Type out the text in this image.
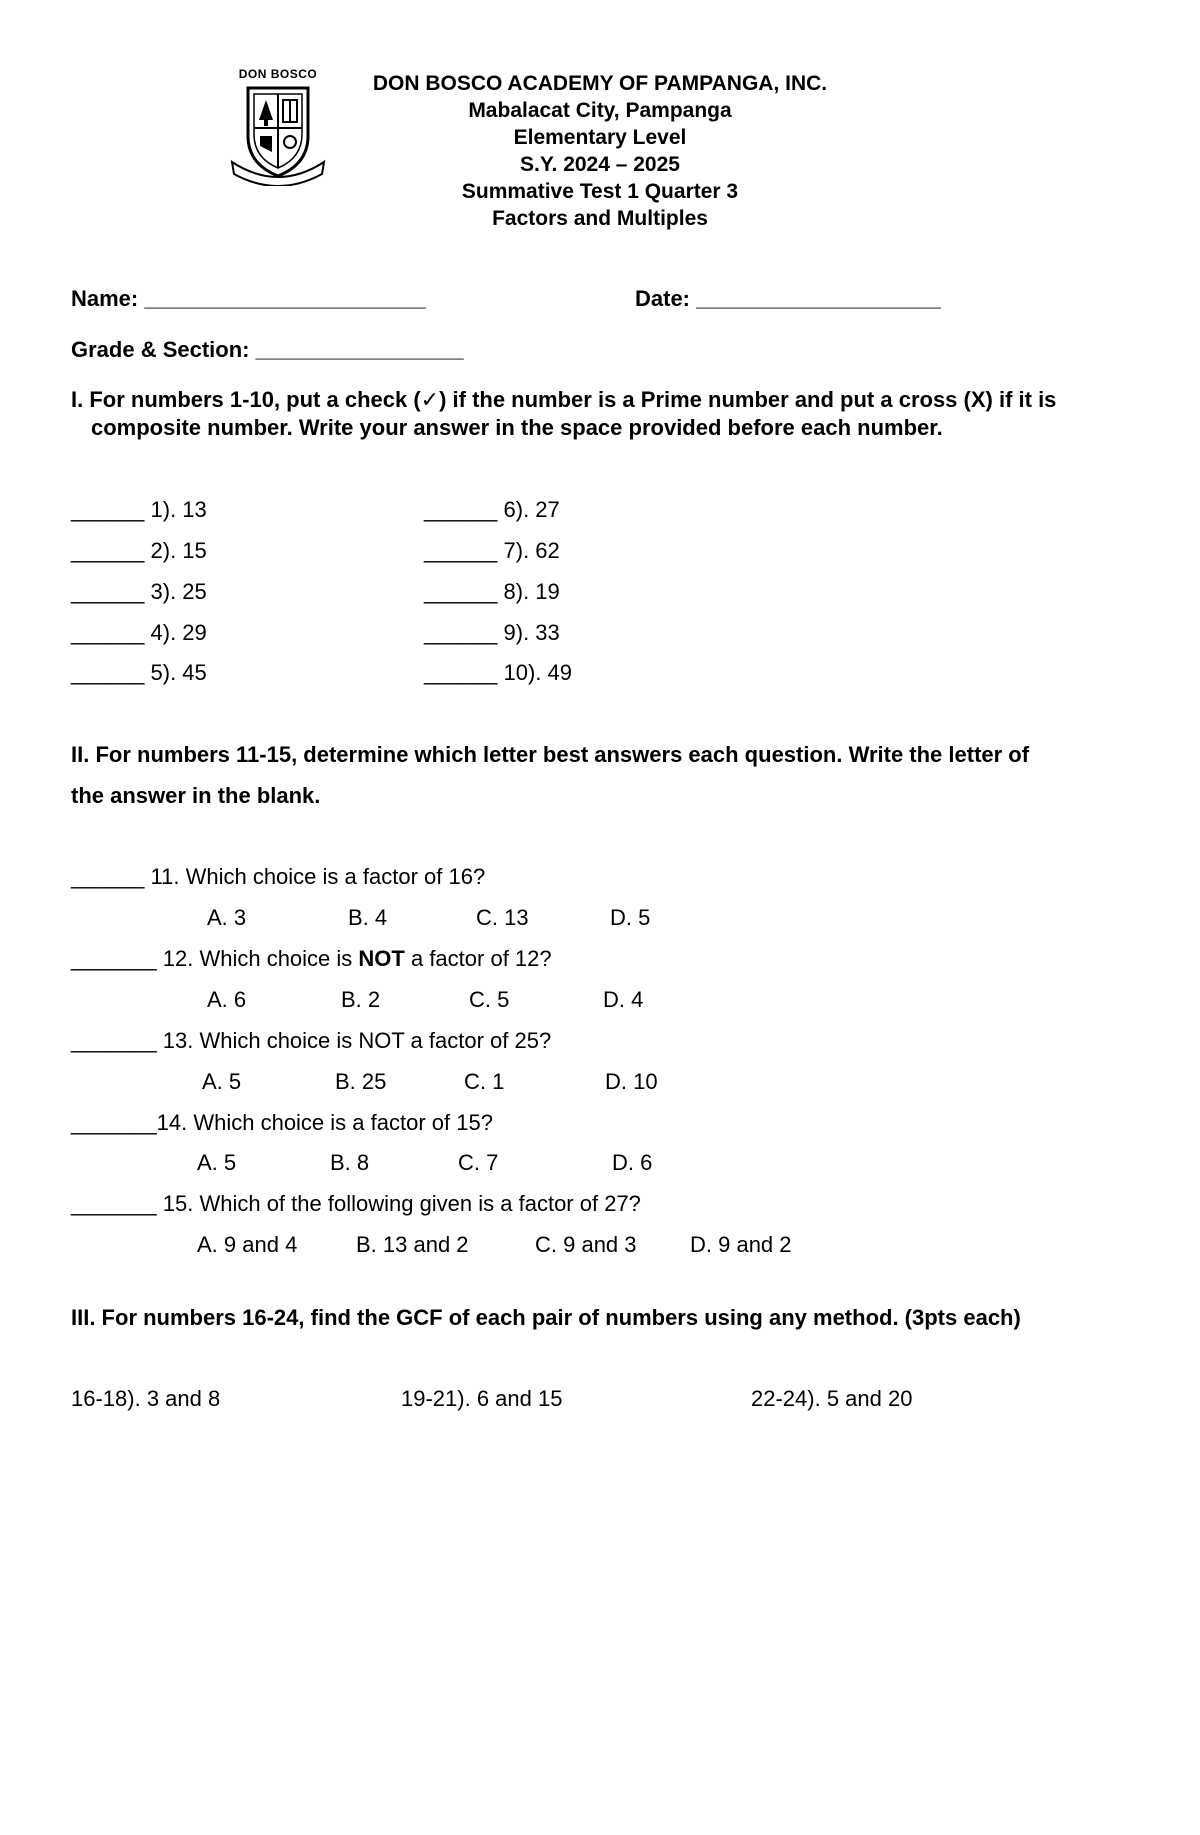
DON BOSCO	DON BOSCO ACADEMY OF PAMPANGA, INC.
Mabalacat City, Pampanga
Elementary Level
S.Y. 2024 – 2025
Summative Test 1 Quarter 3
Factors and Multiples
Name: _______________________	Date: ____________________
Grade & Section: _________________
I. For numbers 1-10, put a check (✓) if the number is a Prime number and put a cross (X) if it is
composite number. Write your answer in the space provided before each number.
______ 1). 13
______ 2). 15
______ 3). 25
______ 4). 29
______ 5). 45
______ 6). 27
______ 7). 62
______ 8). 19
______ 9). 33
______ 10). 49
II. For numbers 11-15, determine which letter best answers each question. Write the letter of
the answer in the blank.
______ 11. Which choice is a factor of 16?
A. 3	B. 4	C. 13	D. 5
_______ 12. Which choice is NOT a factor of 12?
A. 6	B. 2	C. 5	D. 4
_______ 13. Which choice is NOT a factor of 25?
A. 5	B. 25	C. 1	D. 10
_______14. Which choice is a factor of 15?
A. 5	B. 8	C. 7	D. 6
_______ 15. Which of the following given is a factor of 27?
A. 9 and 4	B. 13 and 2	C. 9 and 3 D. 9 and 2
III. For numbers 16-24, find the GCF of each pair of numbers using any method. (3pts each)
16-18). 3 and 8	19-21). 6 and 15	22-24). 5 and 20
